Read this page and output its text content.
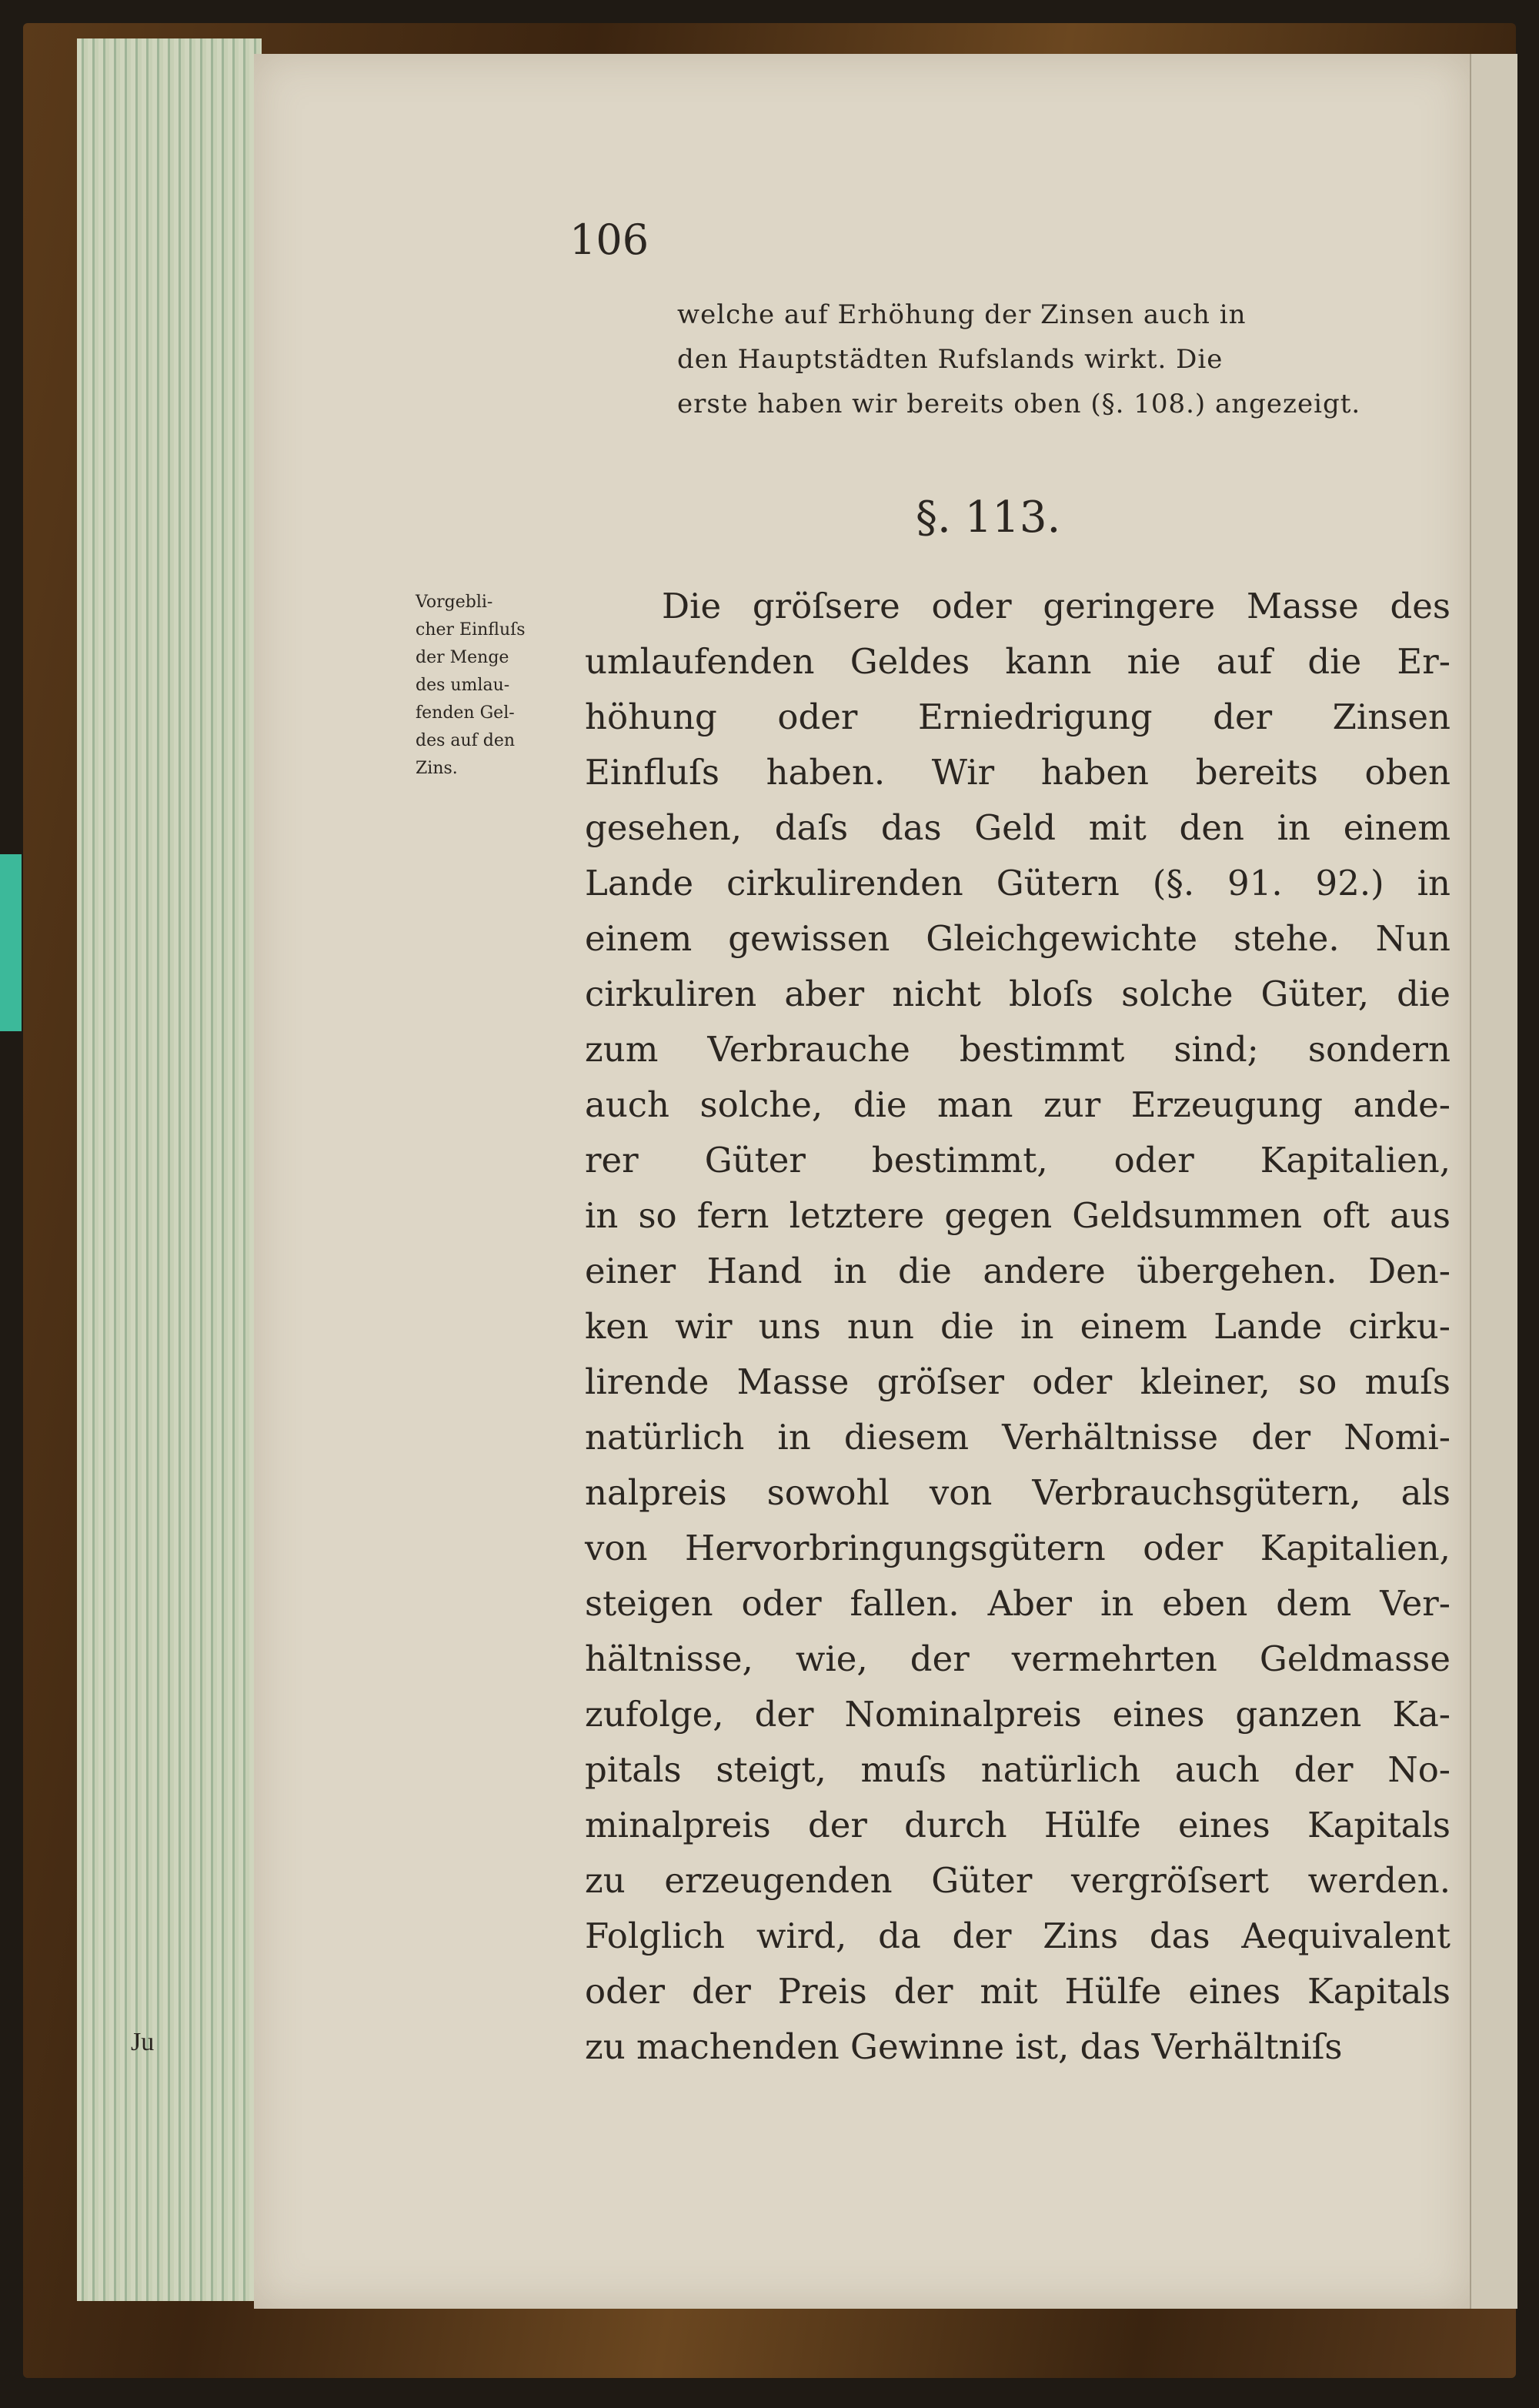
106
welche auf Erhöhung der Zinsen auch in
den Hauptstädten Rufslands wirkt. Die
erste haben wir bereits oben (§. 108.) angezeigt.
§. 113.
Vorgebli-
cher Einfluſs
der Menge
des umlau-
fenden Gel-
des auf den
Zins.
Die gröſsere oder geringere Masse des
umlaufenden Geldes kann nie auf die Er-
höhung oder Erniedrigung der Zinsen
Einfluſs haben. Wir haben bereits oben
gesehen, daſs das Geld mit den in einem
Lande cirkulirenden Gütern (§. 91. 92.) in
einem gewissen Gleichgewichte stehe. Nun
cirkuliren aber nicht bloſs solche Güter, die
zum Verbrauche bestimmt sind; sondern
auch solche, die man zur Erzeugung ande-
rer Güter bestimmt, oder Kapitalien,
in so fern letztere gegen Geldsummen oft aus
einer Hand in die andere übergehen. Den-
ken wir uns nun die in einem Lande cirku-
lirende Masse gröſser oder kleiner, so muſs
natürlich in diesem Verhältnisse der Nomi-
nalpreis sowohl von Verbrauchsgütern, als
von Hervorbringungsgütern oder Kapitalien,
steigen oder fallen. Aber in eben dem Ver-
hältnisse, wie, der vermehrten Geldmasse
zufolge, der Nominalpreis eines ganzen Ka-
pitals steigt, muſs natürlich auch der No-
minalpreis der durch Hülfe eines Kapitals
zu erzeugenden Güter vergröſsert werden.
Folglich wird, da der Zins das Aequivalent
oder der Preis der mit Hülfe eines Kapitals
zu machenden Gewinne ist, das Verhältniſs
Ju
